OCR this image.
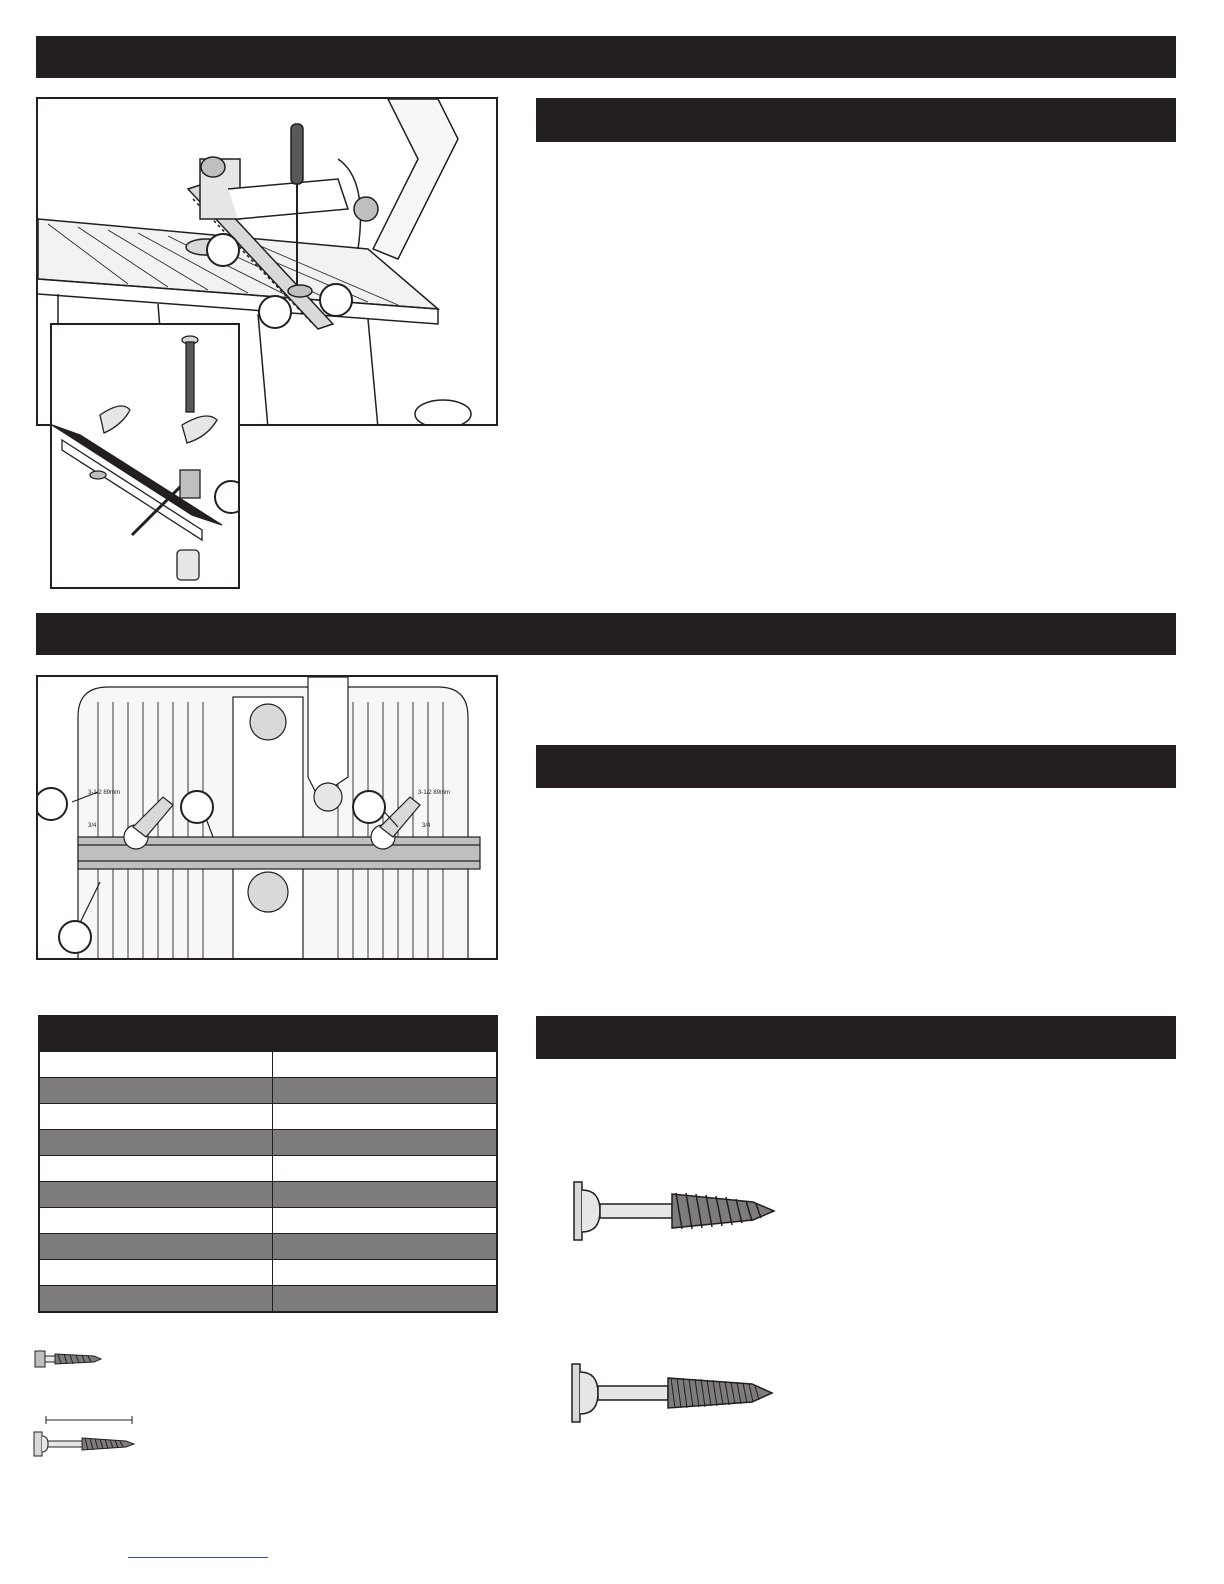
3-1/2 89mm
3/4
3-1/2 89mm
3/4
